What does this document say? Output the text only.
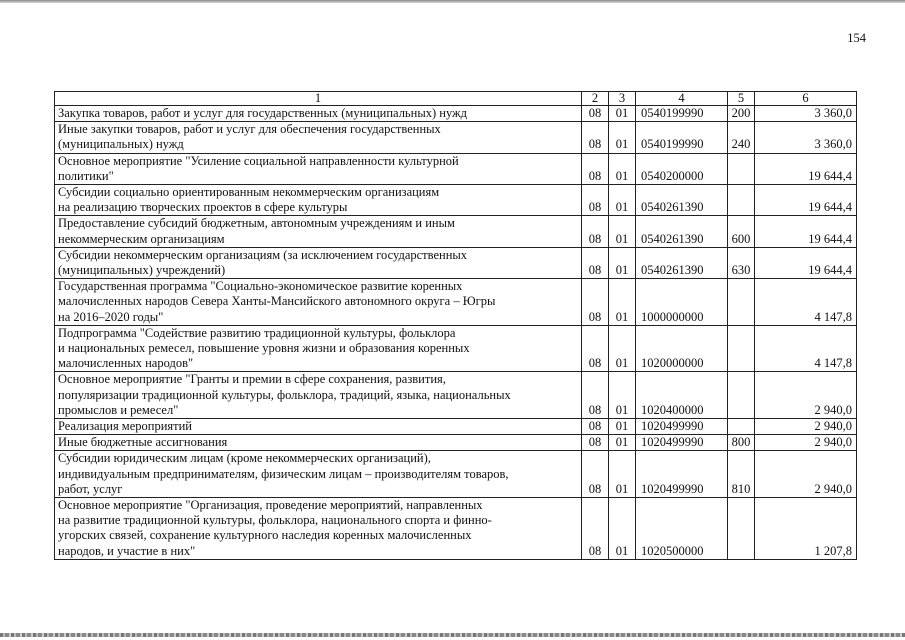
154
1	2	3	4	5	6

Закупка товаров, работ и услуг для государственных (муниципальных) нужд	08	01	0540199990	200	3 360,0

Иные закупки товаров, работ и услуг для обеспечения государственных
(муниципальных) нужд	08	01	0540199990	240	3 360,0

Основное мероприятие "Усиление социальной направленности культурной
политики"	08	01	0540200000		19 644,4

Субсидии социально ориентированным некоммерческим организациям
на реализацию творческих проектов в сфере культуры	08	01	0540261390		19 644,4

Предоставление субсидий бюджетным, автономным учреждениям и иным
некоммерческим организациям	08	01	0540261390	600	19 644,4

Субсидии некоммерческим организациям (за исключением государственных
(муниципальных) учреждений)	08	01	0540261390	630	19 644,4

Государственная программа "Социально-экономическое развитие коренных
малочисленных народов Севера Ханты-Мансийского автономного округа – Югры
на 2016–2020 годы"	08	01	1000000000		4 147,8

Подпрограмма "Содействие развитию традиционной культуры, фольклора
и национальных ремесел, повышение уровня жизни и образования коренных
малочисленных народов"	08	01	1020000000		4 147,8

Основное мероприятие "Гранты и премии в сфере сохранения, развития,
популяризации традиционной культуры, фольклора, традиций, языка, национальных
промыслов и ремесел"	08	01	1020400000		2 940,0

Реализация мероприятий	08	01	1020499990		2 940,0

Иные бюджетные ассигнования	08	01	1020499990	800	2 940,0

Субсидии юридическим лицам (кроме некоммерческих организаций),
индивидуальным предпринимателям, физическим лицам – производителям товаров,
работ, услуг	08	01	1020499990	810	2 940,0

Основное мероприятие "Организация, проведение мероприятий, направленных
на развитие традиционной культуры, фольклора, национального спорта и финно-
угорских связей, сохранение культурного наследия коренных малочисленных
народов, и участие в них"	08	01	1020500000		1 207,8
